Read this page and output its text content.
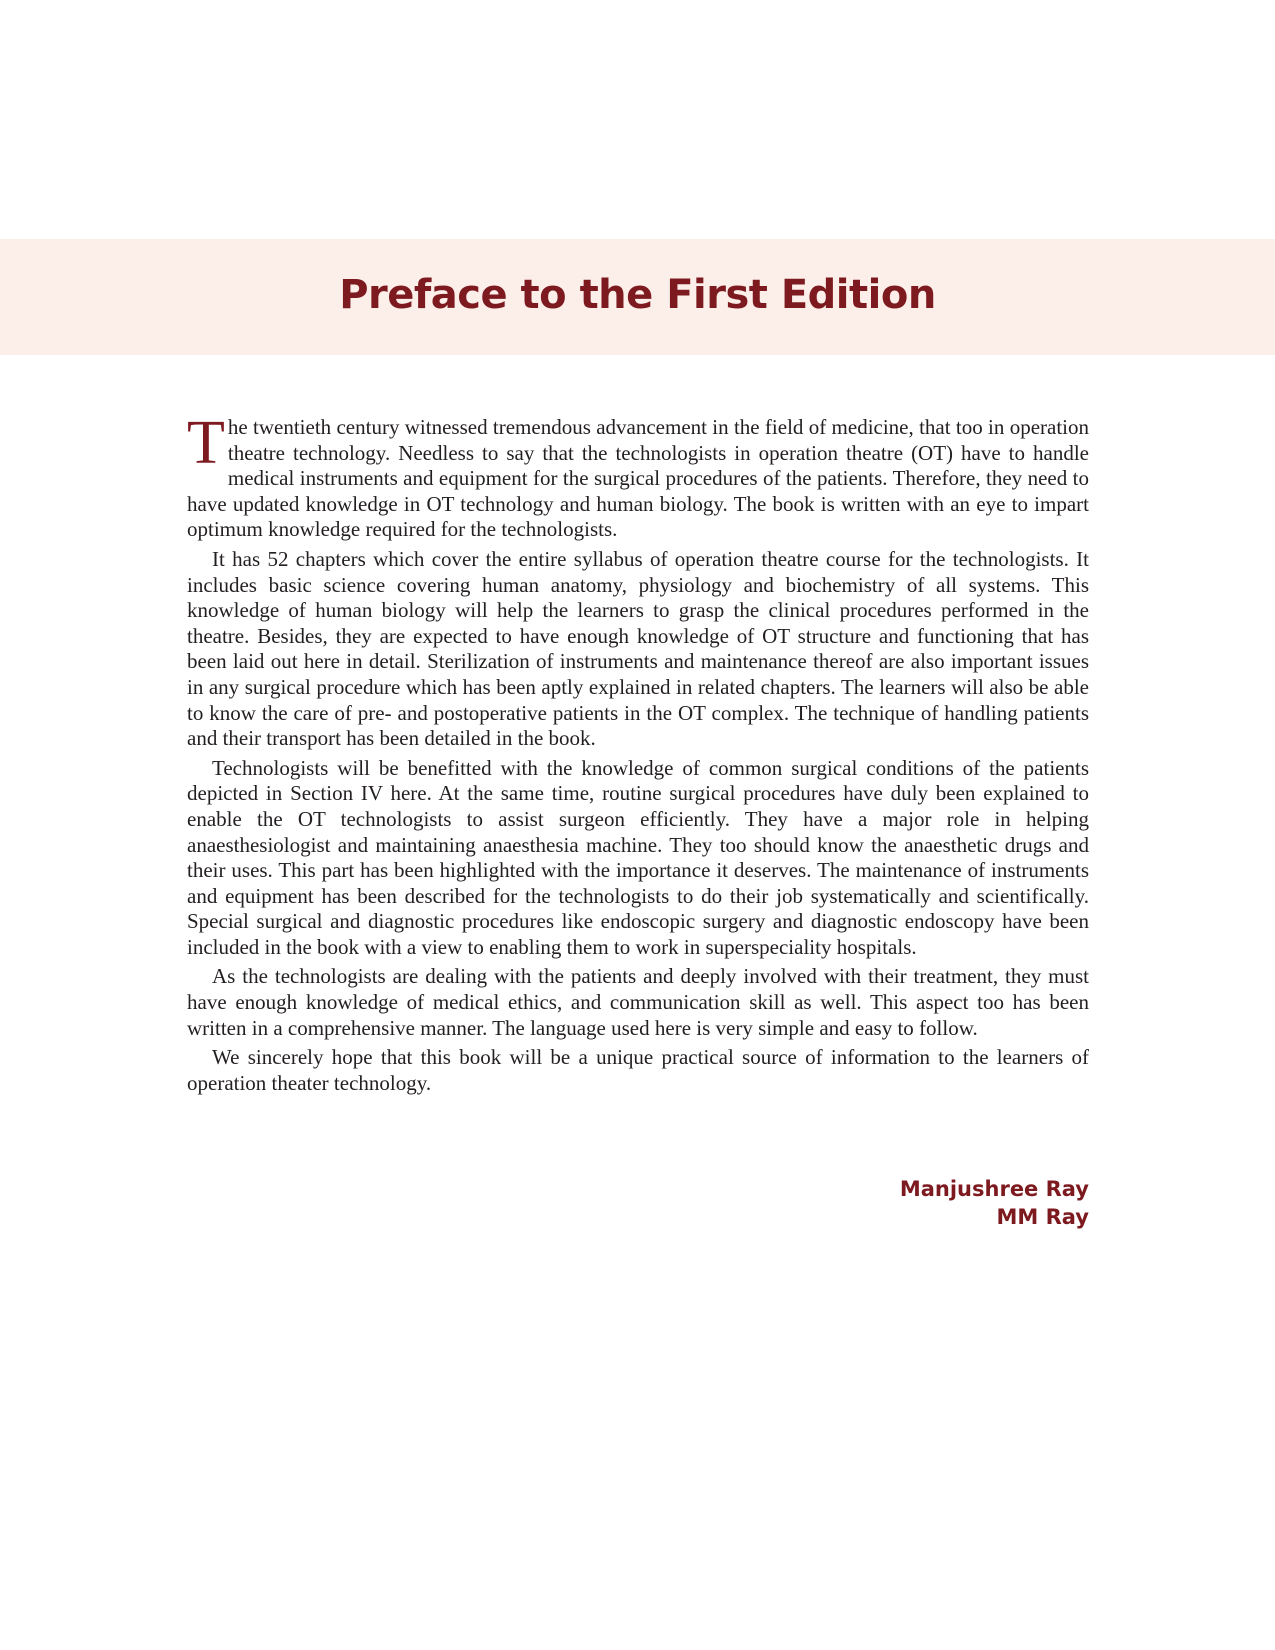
Preface to the First Edition

The twentieth century witnessed tremendous advancement in the field of medicine, that too in operation theatre technology. Needless to say that the technologists in operation theatre (OT) have to handle medical instruments and equipment for the surgical procedures of the patients. Therefore, they need to have updated knowledge in OT technology and human biology. The book is written with an eye to impart optimum knowledge required for the technologists.

It has 52 chapters which cover the entire syllabus of operation theatre course for the technologists. It includes basic science covering human anatomy, physiology and biochemistry of all systems. This knowledge of human biology will help the learners to grasp the clinical procedures performed in the theatre. Besides, they are expected to have enough knowledge of OT structure and functioning that has been laid out here in detail. Sterilization of instruments and maintenance thereof are also important issues in any surgical procedure which has been aptly explained in related chapters. The learners will also be able to know the care of pre- and postoperative patients in the OT complex. The technique of handling patients and their transport has been detailed in the book.

Technologists will be benefitted with the knowledge of common surgical conditions of the patients depicted in Section IV here. At the same time, routine surgical procedures have duly been explained to enable the OT technologists to assist surgeon efficiently. They have a major role in helping anaesthesiologist and maintaining anaesthesia machine. They too should know the anaesthetic drugs and their uses. This part has been highlighted with the importance it deserves. The maintenance of instruments and equipment has been described for the technologists to do their job systematically and scientifically. Special surgical and diagnostic procedures like endoscopic surgery and diagnostic endoscopy have been included in the book with a view to enabling them to work in superspeciality hospitals.

As the technologists are dealing with the patients and deeply involved with their treatment, they must have enough knowledge of medical ethics, and communication skill as well. This aspect too has been written in a comprehensive manner. The language used here is very simple and easy to follow.

We sincerely hope that this book will be a unique practical source of information to the learners of operation theater technology.

Manjushree Ray
MM Ray
